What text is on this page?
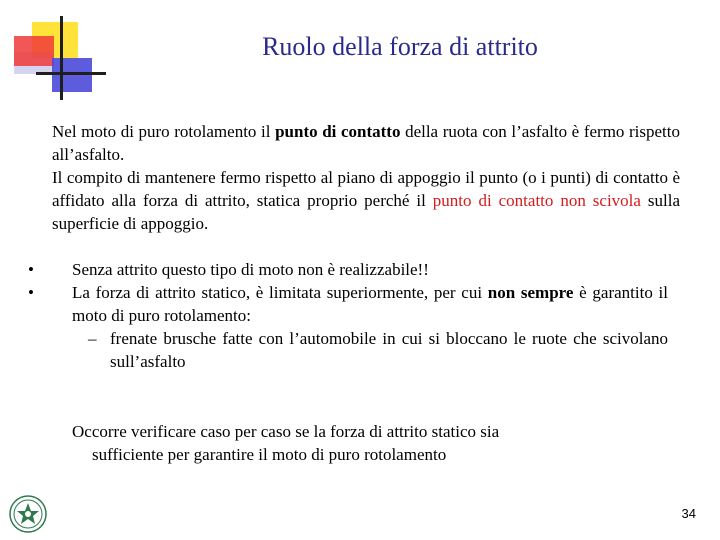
Ruolo della forza di attrito

Nel moto di puro rotolamento il punto di contatto della ruota con l’asfalto è fermo rispetto all’asfalto.

Il compito di mantenere fermo rispetto al piano di appoggio il punto (o i punti) di contatto è affidato alla forza di attrito, statica proprio perché il punto di contatto non scivola sulla superficie di appoggio.

•	Senza attrito questo tipo di moto non è realizzabile!!
•	La forza di attrito statico, è limitata superiormente, per cui non sempre è garantito il moto di puro rotolamento:
– frenate brusche fatte con l’automobile in cui si bloccano le ruote che scivolano sull’asfalto
Occorre verificare caso per caso se la forza di attrito statico sia
sufficiente per garantire il moto di puro rotolamento
34
